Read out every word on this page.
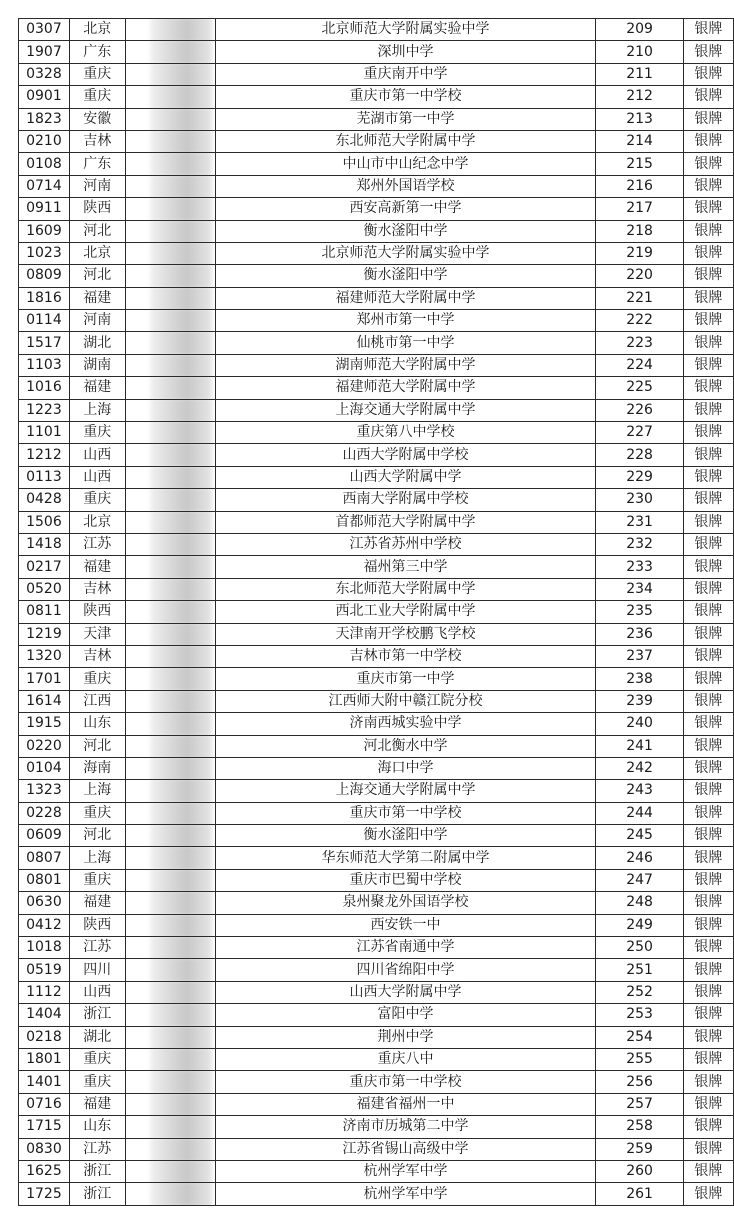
0307	北京		北京师范大学附属实验中学	209	银牌
1907	广东		深圳中学	210	银牌
0328	重庆		重庆南开中学	211	银牌
0901	重庆		重庆市第一中学校	212	银牌
1823	安徽		芜湖市第一中学	213	银牌
0210	吉林		东北师范大学附属中学	214	银牌
0108	广东		中山市中山纪念中学	215	银牌
0714	河南		郑州外国语学校	216	银牌
0911	陕西		西安高新第一中学	217	银牌
1609	河北		衡水滏阳中学	218	银牌
1023	北京		北京师范大学附属实验中学	219	银牌
0809	河北		衡水滏阳中学	220	银牌
1816	福建		福建师范大学附属中学	221	银牌
0114	河南		郑州市第一中学	222	银牌
1517	湖北		仙桃市第一中学	223	银牌
1103	湖南		湖南师范大学附属中学	224	银牌
1016	福建		福建师范大学附属中学	225	银牌
1223	上海		上海交通大学附属中学	226	银牌
1101	重庆		重庆第八中学校	227	银牌
1212	山西		山西大学附属中学校	228	银牌
0113	山西		山西大学附属中学	229	银牌
0428	重庆		西南大学附属中学校	230	银牌
1506	北京		首都师范大学附属中学	231	银牌
1418	江苏		江苏省苏州中学校	232	银牌
0217	福建		福州第三中学	233	银牌
0520	吉林		东北师范大学附属中学	234	银牌
0811	陕西		西北工业大学附属中学	235	银牌
1219	天津		天津南开学校鹏飞学校	236	银牌
1320	吉林		吉林市第一中学校	237	银牌
1701	重庆		重庆市第一中学	238	银牌
1614	江西		江西师大附中赣江院分校	239	银牌
1915	山东		济南西城实验中学	240	银牌
0220	河北		河北衡水中学	241	银牌
0104	海南		海口中学	242	银牌
1323	上海		上海交通大学附属中学	243	银牌
0228	重庆		重庆市第一中学校	244	银牌
0609	河北		衡水滏阳中学	245	银牌
0807	上海		华东师范大学第二附属中学	246	银牌
0801	重庆		重庆市巴蜀中学校	247	银牌
0630	福建		泉州聚龙外国语学校	248	银牌
0412	陕西		西安铁一中	249	银牌
1018	江苏		江苏省南通中学	250	银牌
0519	四川		四川省绵阳中学	251	银牌
1112	山西		山西大学附属中学	252	银牌
1404	浙江		富阳中学	253	银牌
0218	湖北		荆州中学	254	银牌
1801	重庆		重庆八中	255	银牌
1401	重庆		重庆市第一中学校	256	银牌
0716	福建		福建省福州一中	257	银牌
1715	山东		济南市历城第二中学	258	银牌
0830	江苏		江苏省锡山高级中学	259	银牌
1625	浙江		杭州学军中学	260	银牌
1725	浙江		杭州学军中学	261	银牌
